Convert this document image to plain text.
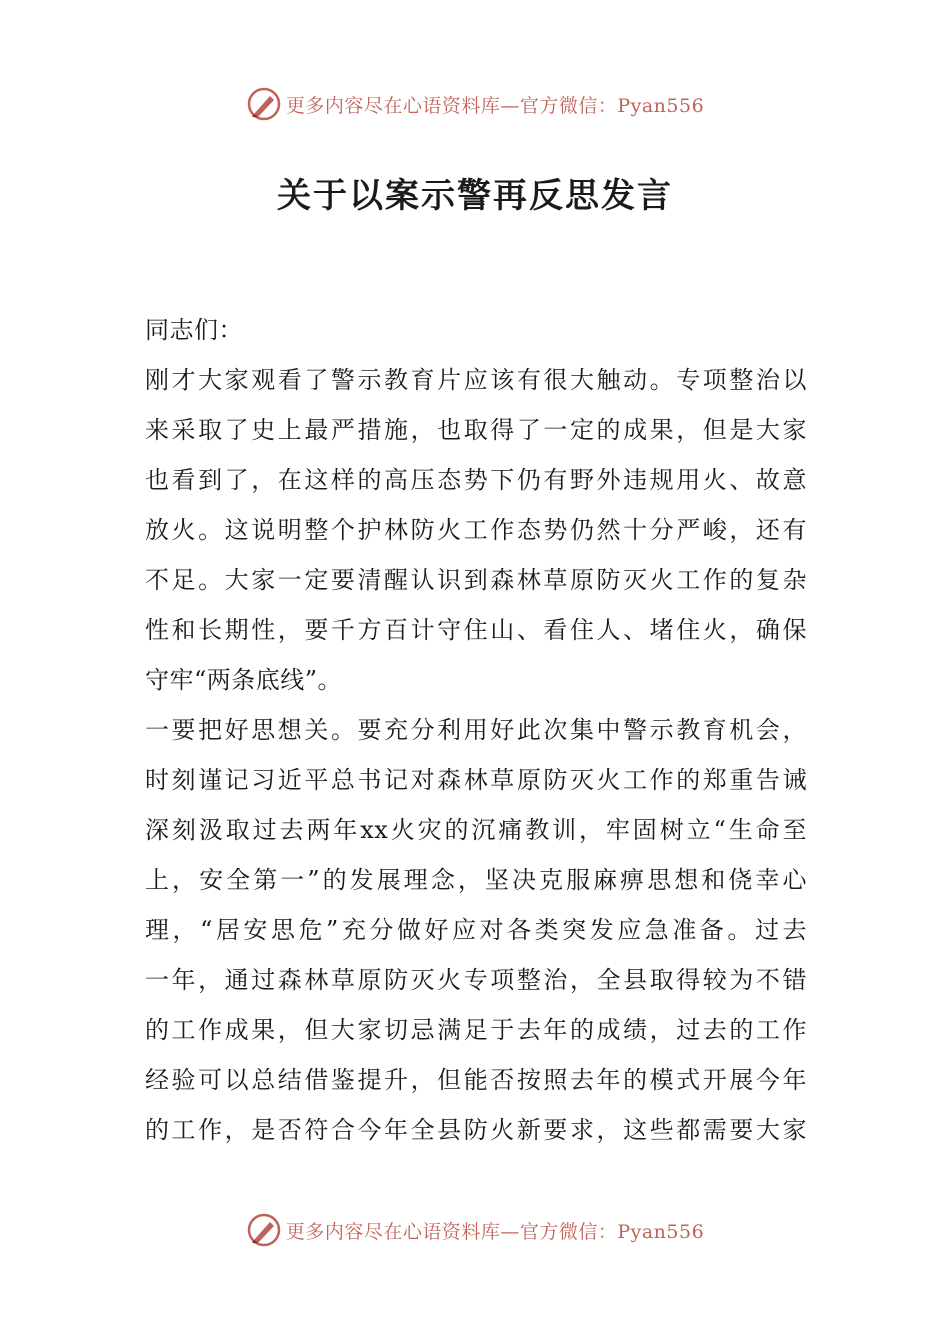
更多内容尽在心语资料库—官方微信：Pyan556
关于以案示警再反思发言
同志们：
刚才大家观看了警示教育片应该有很大触动。专项整治以
来采取了史上最严措施，也取得了一定的成果，但是大家
也看到了，在这样的高压态势下仍有野外违规用火、故意
放火。这说明整个护林防火工作态势仍然十分严峻，还有
不足。大家一定要清醒认识到森林草原防灭火工作的复杂
性和长期性，要千方百计守住山、看住人、堵住火，确保
守牢“两条底线”。
一要把好思想关。要充分利用好此次集中警示教育机会，
时刻谨记习近平总书记对森林草原防灭火工作的郑重告诫
深刻汲取过去两年xx火灾的沉痛教训，牢固树立“生命至
上，安全第一”的发展理念，坚决克服麻痹思想和侥幸心
理，“居安思危”充分做好应对各类突发应急准备。过去
一年，通过森林草原防灭火专项整治，全县取得较为不错
的工作成果，但大家切忌满足于去年的成绩，过去的工作
经验可以总结借鉴提升，但能否按照去年的模式开展今年
的工作，是否符合今年全县防火新要求，这些都需要大家
更多内容尽在心语资料库—官方微信：Pyan556
